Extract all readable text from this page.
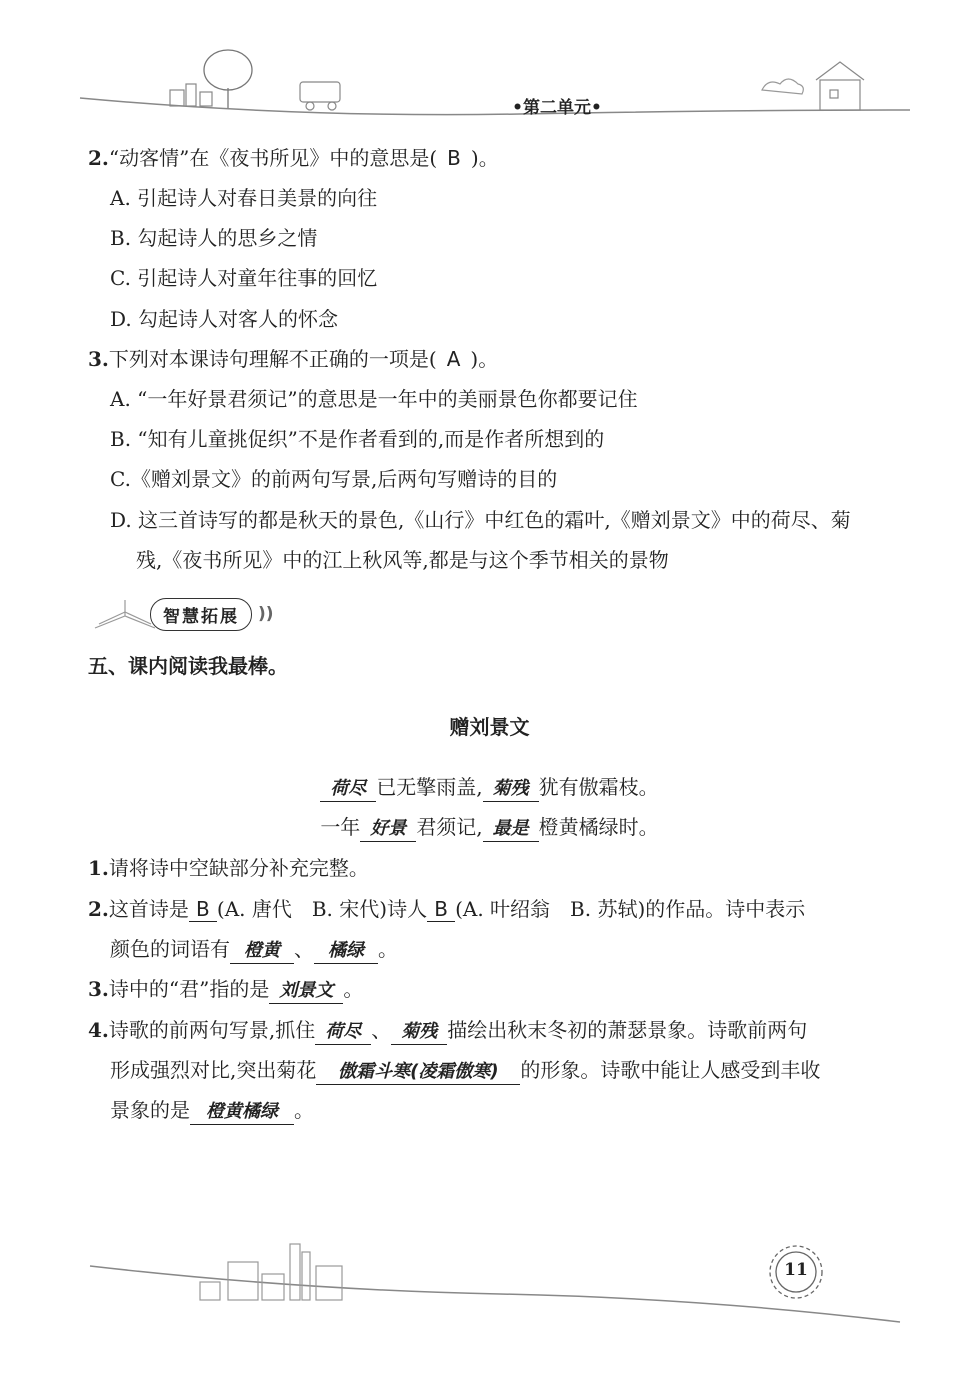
•第二单元•
2.“动客情”在《夜书所见》中的意思是( B )。
A. 引起诗人对春日美景的向往
B. 勾起诗人的思乡之情
C. 引起诗人对童年往事的回忆
D. 勾起诗人对客人的怀念
3.下列对本课诗句理解不正确的一项是( A )。
A. “一年好景君须记”的意思是一年中的美丽景色你都要记住
B. “知有儿童挑促织”不是作者看到的,而是作者所想到的
C.《赠刘景文》的前两句写景,后两句写赠诗的目的
D. 这三首诗写的都是秋天的景色,《山行》中红色的霜叶,《赠刘景文》中的荷尽、菊
残,《夜书所见》中的江上秋风等,都是与这个季节相关的景物
智慧拓展	))
五、课内阅读我最棒。
赠刘景文
荷尽 已无擎雨盖, 菊残 犹有傲霜枝。
一年 好景 君须记, 最是 橙黄橘绿时。
1.请将诗中空缺部分补充完整。
2.这首诗是 B (A. 唐代　B. 宋代)诗人 B (A. 叶绍翁　B. 苏轼)的作品。诗中表示
颜色的词语有 橙黄 、 橘绿 。
3.诗中的“君”指的是 刘景文 。
4.诗歌的前两句写景,抓住 荷尽 、 菊残 描绘出秋末冬初的萧瑟景象。诗歌前两句
形成强烈对比,突出菊花 傲霜斗寒(凌霜傲寒) 的形象。诗歌中能让人感受到丰收
景象的是 橙黄橘绿 。
11
